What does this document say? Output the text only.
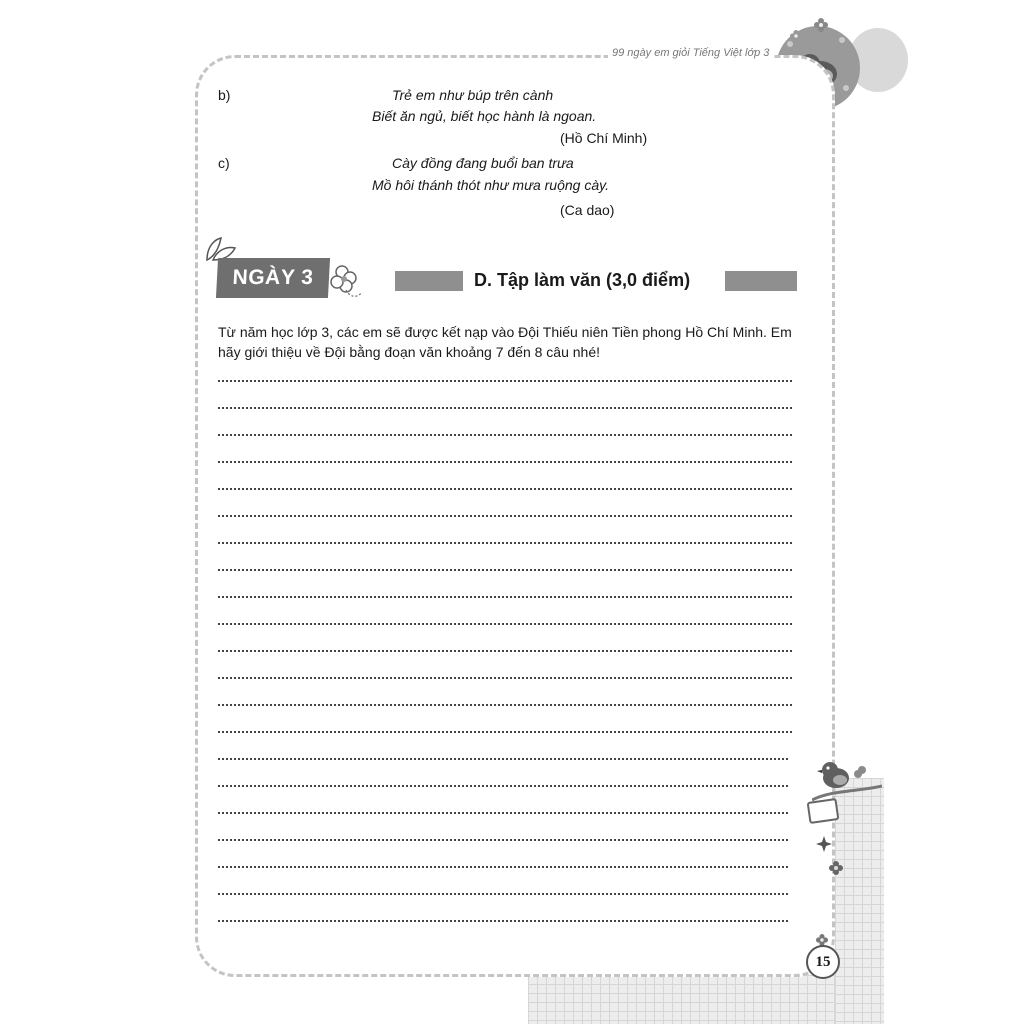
99 ngày em giỏi Tiếng Việt lớp 3
b)	Trẻ em như búp trên cành
Biết ăn ngủ, biết học hành là ngoan.
(Hồ Chí Minh)
c)	Cày đồng đang buổi ban trưa
Mồ hôi thánh thót như mưa ruộng cày.
(Ca dao)
NGÀY 3	D. Tập làm văn (3,0 điểm)
Từ năm học lớp 3, các em sẽ được kết nạp vào Đội Thiếu niên Tiền phong Hồ Chí Minh. Em hãy giới thiệu về Đội bằng đoạn văn khoảng 7 đến 8 câu nhé!
15
